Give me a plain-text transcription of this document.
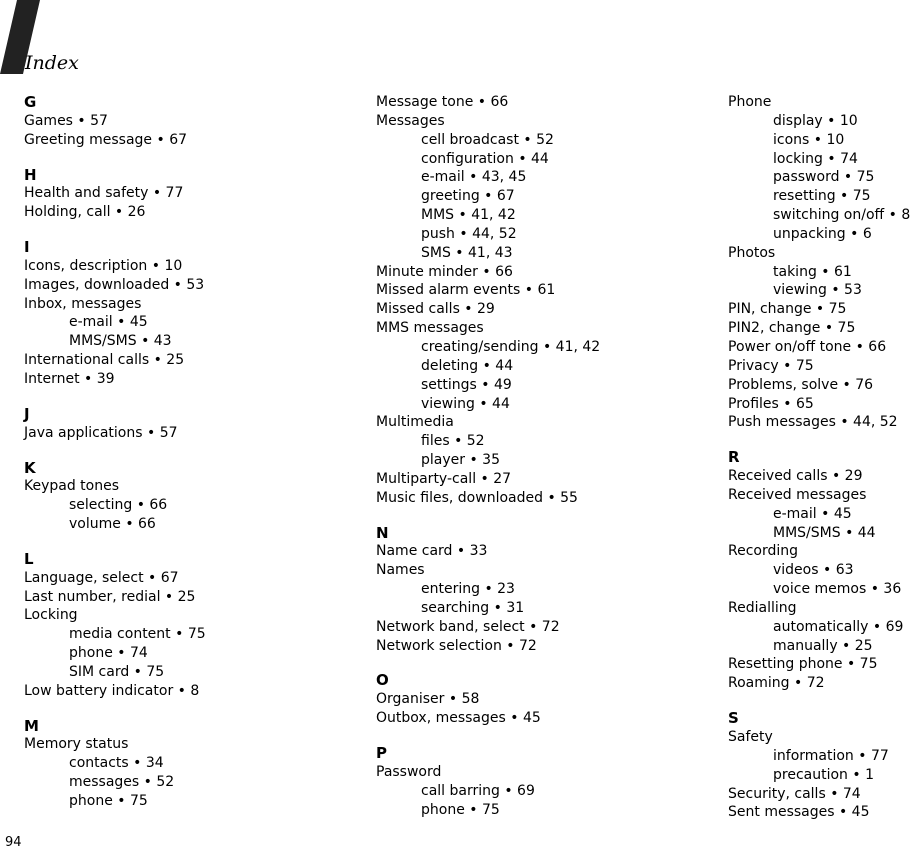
Index
G
Games • 57
Greeting message • 67
H
Health and safety • 77
Holding, call • 26
I
Icons, description • 10
Images, downloaded • 53
Inbox, messages
e-mail • 45
MMS/SMS • 43
International calls • 25
Internet • 39
J
Java applications • 57
K
Keypad tones
selecting • 66
volume • 66
L
Language, select • 67
Last number, redial • 25
Locking
media content • 75
phone • 74
SIM card • 75
Low battery indicator • 8
M
Memory status
contacts • 34
messages • 52
phone • 75
Message tone • 66
Messages
cell broadcast • 52
configuration • 44
e-mail • 43, 45
greeting • 67
MMS • 41, 42
push • 44, 52
SMS • 41, 43
Minute minder • 66
Missed alarm events • 61
Missed calls • 29
MMS messages
creating/sending • 41, 42
deleting • 44
settings • 49
viewing • 44
Multimedia
files • 52
player • 35
Multiparty-call • 27
Music files, downloaded • 55
N
Name card • 33
Names
entering • 23
searching • 31
Network band, select • 72
Network selection • 72
O
Organiser • 58
Outbox, messages • 45
P
Password
call barring • 69
phone • 75
Phone
display • 10
icons • 10
locking • 74
password • 75
resetting • 75
switching on/off • 8
unpacking • 6
Photos
taking • 61
viewing • 53
PIN, change • 75
PIN2, change • 75
Power on/off tone • 66
Privacy • 75
Problems, solve • 76
Profiles • 65
Push messages • 44, 52
R
Received calls • 29
Received messages
e-mail • 45
MMS/SMS • 44
Recording
videos • 63
voice memos • 36
Redialling
automatically • 69
manually • 25
Resetting phone • 75
Roaming • 72
S
Safety
information • 77
precaution • 1
Security, calls • 74
Sent messages • 45
94
